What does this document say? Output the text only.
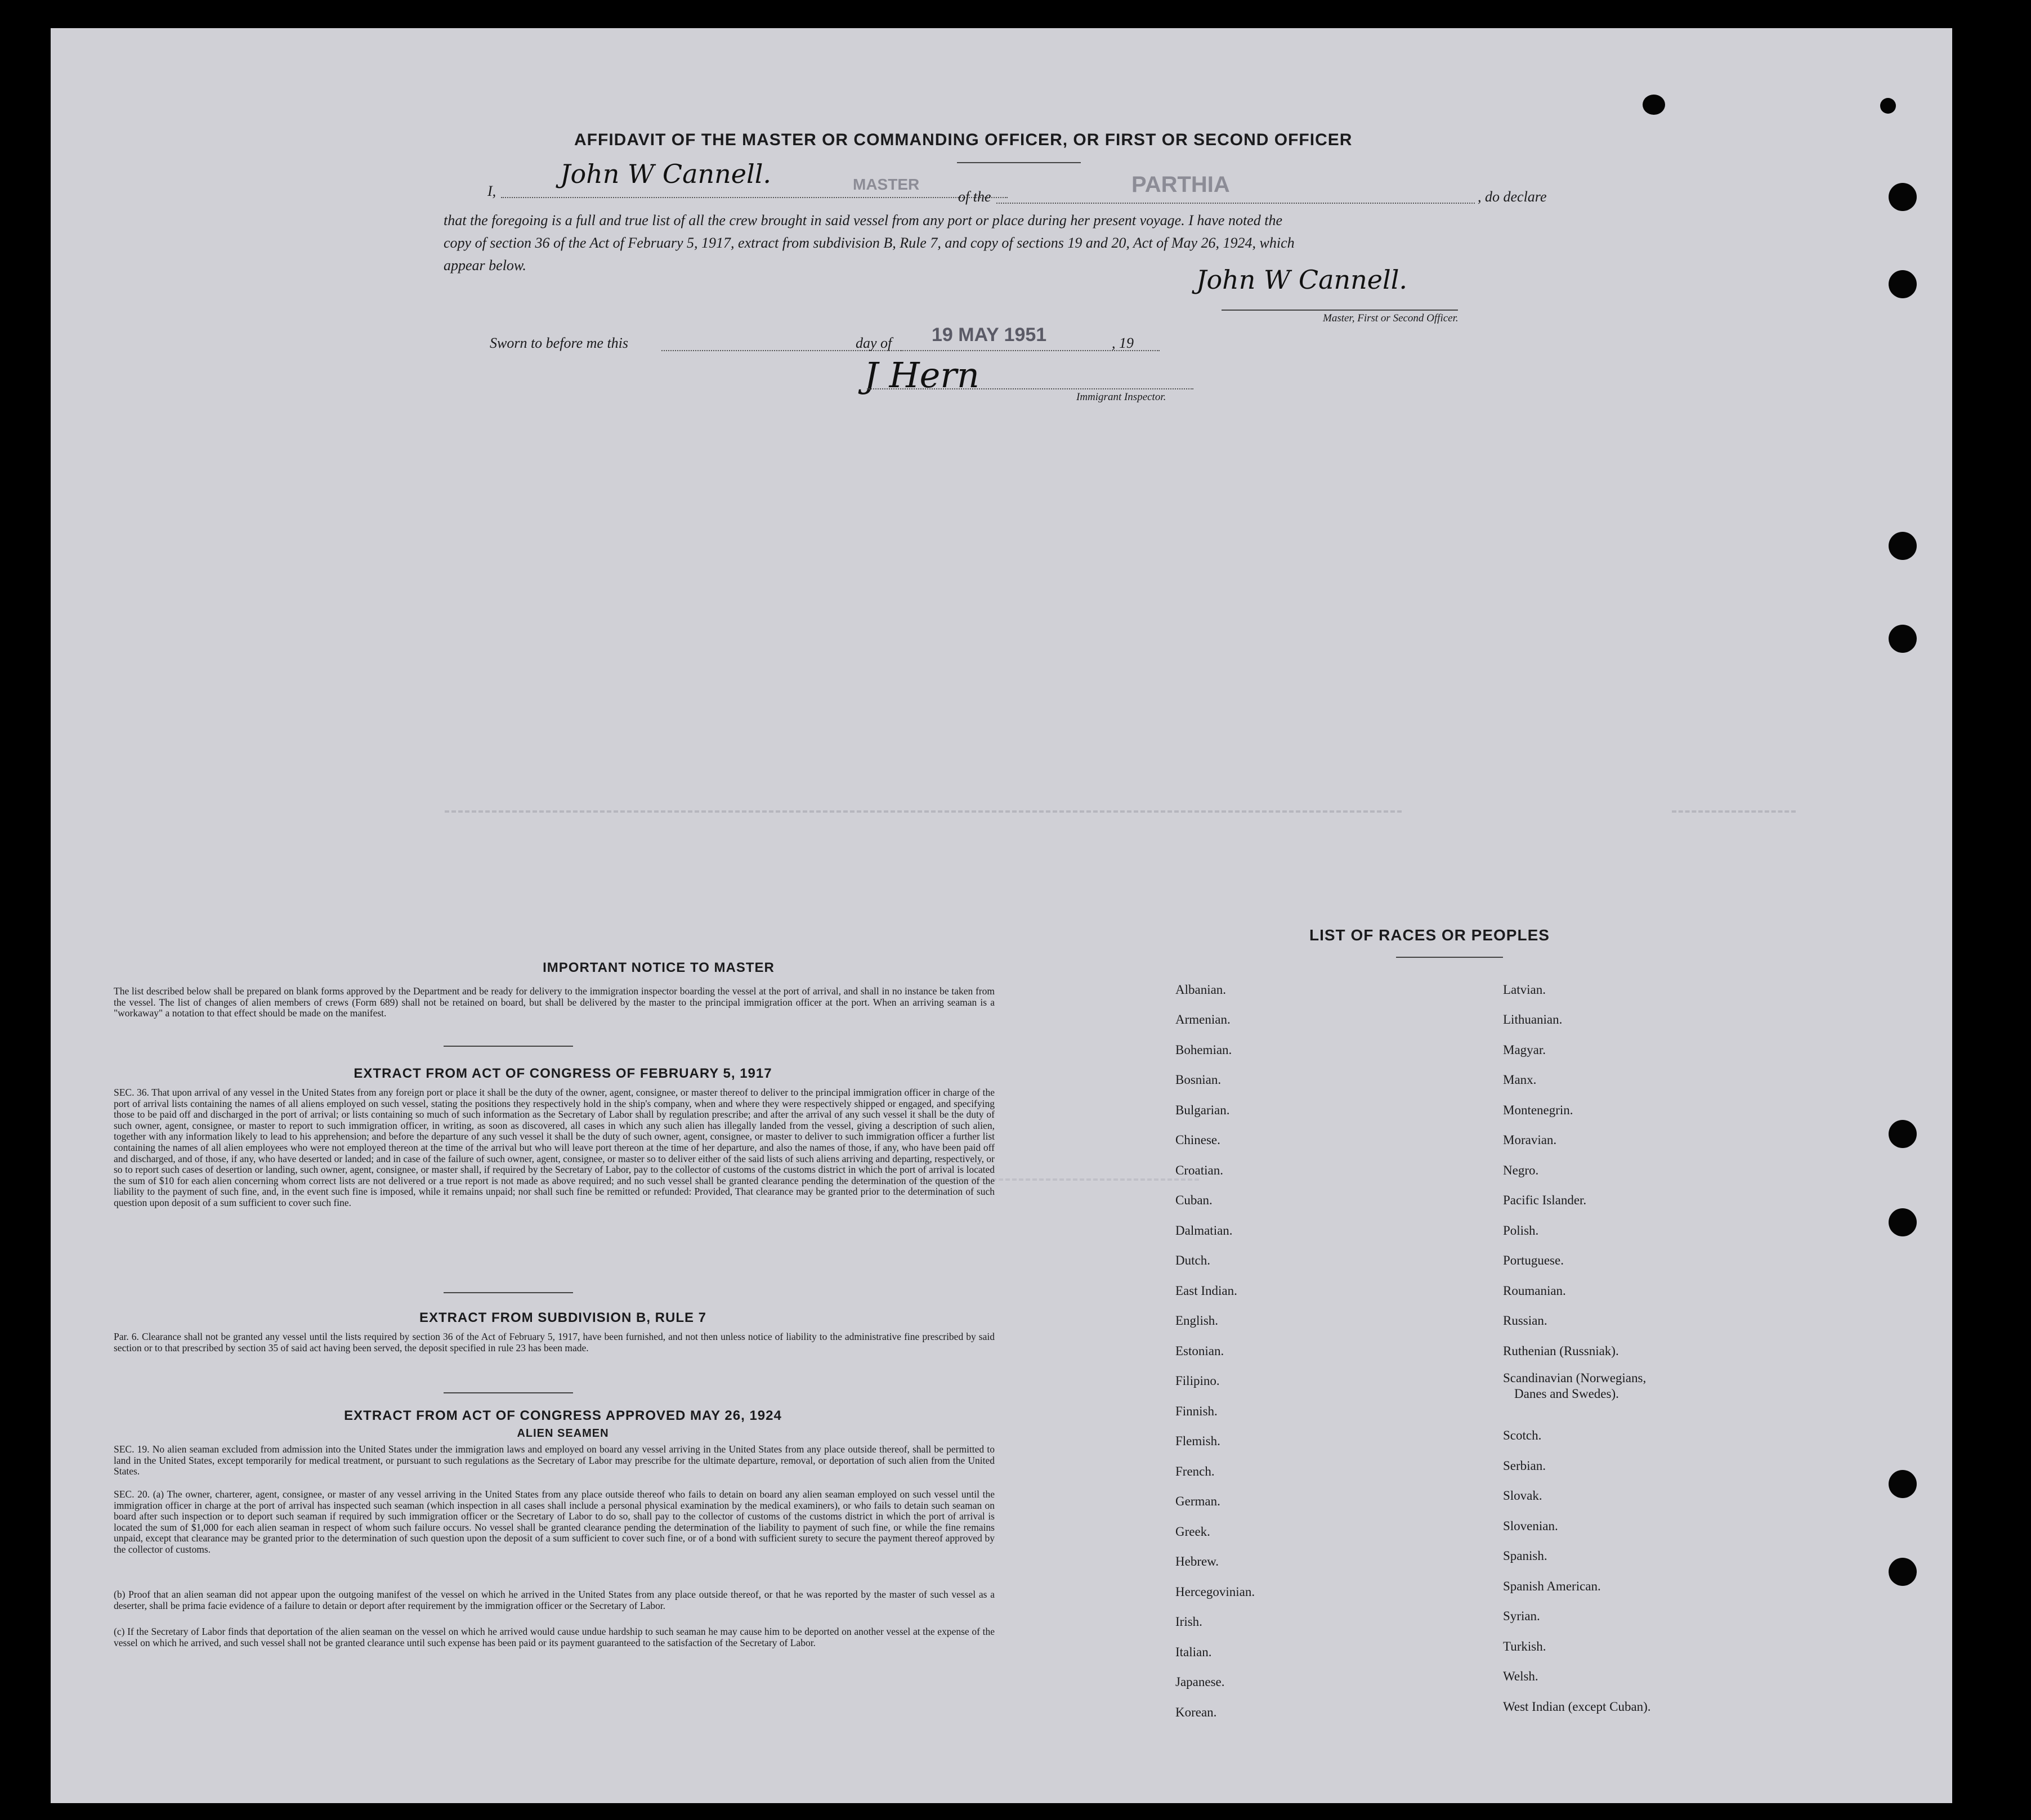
AFFIDAVIT OF THE MASTER OR COMMANDING OFFICER, OR FIRST OR SECOND OFFICER
I,
John W Cannell.	MASTER
of the	PARTHIA	, do declare
that the foregoing is a full and true list of all the crew brought in said vessel from any port or place during her present voyage. I have noted the
copy of section 36 of the Act of February 5, 1917, extract from subdivision B, Rule 7, and copy of sections 19 and 20, Act of May 26, 1924, which
appear below.	John W Cannell.
Master, First or Second Officer.
Sworn to before me this	day of 19 MAY 1951	, 19
J Hern
Immigrant Inspector.
IMPORTANT NOTICE TO MASTER
The list described below shall be prepared on blank forms approved by the Department and be ready for delivery to the immigration inspector boarding the vessel at the port of arrival, and shall in no instance be taken from the vessel. The list of changes of alien members of crews (Form 689) shall not be retained on board, but shall be delivered by the master to the principal immigration officer at the port. When an arriving seaman is a "workaway" a notation to that effect should be made on the manifest.
EXTRACT FROM ACT OF CONGRESS OF FEBRUARY 5, 1917
SEC. 36. That upon arrival of any vessel in the United States from any foreign port or place it shall be the duty of the owner, agent, consignee, or master thereof to deliver to the principal immigration officer in charge of the port of arrival lists containing the names of all aliens employed on such vessel, stating the positions they respectively hold in the ship's company, when and where they were respectively shipped or engaged, and specifying those to be paid off and discharged in the port of arrival; or lists containing so much of such information as the Secretary of Labor shall by regulation prescribe; and after the arrival of any such vessel it shall be the duty of such owner, agent, consignee, or master to report to such immigration officer, in writing, as soon as discovered, all cases in which any such alien has illegally landed from the vessel, giving a description of such alien, together with any information likely to lead to his apprehension; and before the departure of any such vessel it shall be the duty of such owner, agent, consignee, or master to deliver to such immigration officer a further list containing the names of all alien employees who were not employed thereon at the time of the arrival but who will leave port thereon at the time of her departure, and also the names of those, if any, who have been paid off and discharged, and of those, if any, who have deserted or landed; and in case of the failure of such owner, agent, consignee, or master so to deliver either of the said lists of such aliens arriving and departing, respectively, or so to report such cases of desertion or landing, such owner, agent, consignee, or master shall, if required by the Secretary of Labor, pay to the collector of customs of the customs district in which the port of arrival is located the sum of $10 for each alien concerning whom correct lists are not delivered or a true report is not made as above required; and no such vessel shall be granted clearance pending the determination of the question of the liability to the payment of such fine, and, in the event such fine is imposed, while it remains unpaid; nor shall such fine be remitted or refunded: Provided, That clearance may be granted prior to the determination of such question upon deposit of a sum sufficient to cover such fine.
EXTRACT FROM SUBDIVISION B, RULE 7
Par. 6. Clearance shall not be granted any vessel until the lists required by section 36 of the Act of February 5, 1917, have been furnished, and not then unless notice of liability to the administrative fine prescribed by said section or to that prescribed by section 35 of said act having been served, the deposit specified in rule 23 has been made.
EXTRACT FROM ACT OF CONGRESS APPROVED MAY 26, 1924
ALIEN SEAMEN
SEC. 19. No alien seaman excluded from admission into the United States under the immigration laws and employed on board any vessel arriving in the United States from any place outside thereof, shall be permitted to land in the United States, except temporarily for medical treatment, or pursuant to such regulations as the Secretary of Labor may prescribe for the ultimate departure, removal, or deportation of such alien from the United States.
SEC. 20. (a) The owner, charterer, agent, consignee, or master of any vessel arriving in the United States from any place outside thereof who fails to detain on board any alien seaman employed on such vessel until the immigration officer in charge at the port of arrival has inspected such seaman (which inspection in all cases shall include a personal physical examination by the medical examiners), or who fails to detain such seaman on board after such inspection or to deport such seaman if required by such immigration officer or the Secretary of Labor to do so, shall pay to the collector of customs of the customs district in which the port of arrival is located the sum of $1,000 for each alien seaman in respect of whom such failure occurs. No vessel shall be granted clearance pending the determination of the liability to payment of such fine, or while the fine remains unpaid, except that clearance may be granted prior to the determination of such question upon the deposit of a sum sufficient to cover such fine, or of a bond with sufficient surety to secure the payment thereof approved by the collector of customs.
(b) Proof that an alien seaman did not appear upon the outgoing manifest of the vessel on which he arrived in the United States from any place outside thereof, or that he was reported by the master of such vessel as a deserter, shall be prima facie evidence of a failure to detain or deport after requirement by the immigration officer or the Secretary of Labor.
(c) If the Secretary of Labor finds that deportation of the alien seaman on the vessel on which he arrived would cause undue hardship to such seaman he may cause him to be deported on another vessel at the expense of the vessel on which he arrived, and such vessel shall not be granted clearance until such expense has been paid or its payment guaranteed to the satisfaction of the Secretary of Labor.
LIST OF RACES OR PEOPLES
Albanian.
Armenian.
Bohemian.
Bosnian.
Bulgarian.
Chinese.
Croatian.
Cuban.
Dalmatian.
Dutch.
East Indian.
English.
Estonian.
Filipino.
Finnish.
Flemish.
French.
German.
Greek.
Hebrew.
Hercegovinian.
Irish.
Italian.
Japanese.
Korean.
Latvian.
Lithuanian.
Magyar.
Manx.
Montenegrin.
Moravian.
Negro.
Pacific Islander.
Polish.
Portuguese.
Roumanian.
Russian.
Ruthenian (Russniak).
Scandinavian (Norwegians,
Danes and Swedes).
Scotch.
Serbian.
Slovak.
Slovenian.
Spanish.
Spanish American.
Syrian.
Turkish.
Welsh.
West Indian (except Cuban).
